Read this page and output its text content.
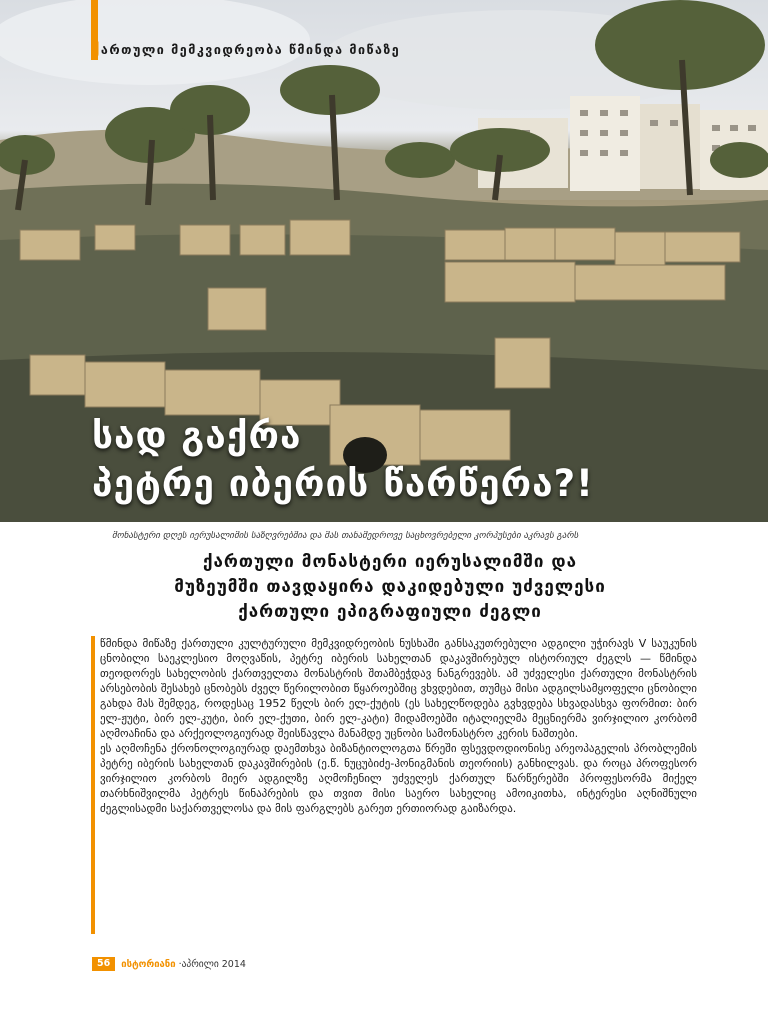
ქართული მემკვიდრეობა წმინდა მიწაზე
სად გაქრა
პეტრე იბერის წარწერა?!
მონასტერი დღეს იერუსალიმის საზღვრებშია და მას თანამედროვე საცხოვრებელი კორპუსები აკრავს გარს
ქართული მონასტერი იერუსალიმში და
მუზეუმში თავდაყირა დაკიდებული უძველესი
ქართული ეპიგრაფიული ძეგლი

წმინდა მიწაზე ქართული კულტურული მემკვიდრეობის ნუსხაში განსაკუთრებული ადგილი უჭირავს V საუკუნის ცნობილი საეკლესიო მოღვაწის, პეტრე იბერის სახელთან დაკავშირებულ ისტორიულ ძეგლს — წმინდა თეოდორეს სახელობის ქართველთა მონასტრის შთამბეჭდავ ნანგრევებს. ამ უძველესი ქართული მონასტრის არსებობის შესახებ ცნობებს ძველ წერილობით წყაროებშიც ვხვდებით, თუმცა მისი ადგილსამყოფელი ცნობილი გახდა მას შემდეგ, როდესაც 1952 წელს ბირ ელ-ქუტის (ეს სახელწოდება გვხვდება სხვადასხვა ფორმით: ბირ ელ-ჟუტი, ბირ ელ-კუტი, ბირ ელ-ქუთი, ბირ ელ-კატი) მიდამოებში იტალიელმა მეცნიერმა ვირჯილიო კორბომ აღმოაჩინა და არქეოლოგიურად შეისწავლა მანამდე უცნობი სამონასტრო კერის ნაშთები.

ეს აღმოჩენა ქრონოლოგიურად დაემთხვა ბიზანტიოლოგთა წრეში ფსევდოდიონისე არეოპაგელის პრობლემის პეტრე იბერის სახელთან დაკავშირების (ე.წ. ნუცუბიძე-ჰონიგმანის თეორიის) განხილვას. და როცა პროფესორ ვირჯილიო კორბოს მიერ ადგილზე აღმოჩენილ უძველეს ქართულ წარწერებში პროფესორმა მიქელ თარხნიშვილმა პეტრეს წინაპრების და თვით მისი საერო სახელიც ამოიკითხა, ინტერესი აღნიშნული ძეგლისადმი საქართველოსა და მის ფარგლებს გარეთ ერთიორად გაიზარდა.

56	ისტორიანი ·აპრილი 2014
